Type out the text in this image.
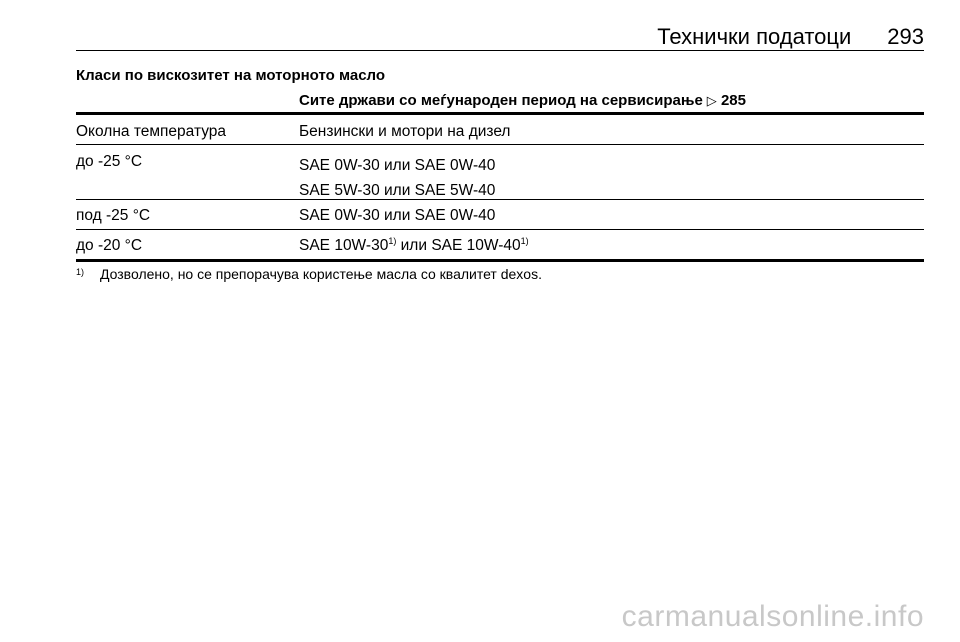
Технички податоци 293
Класи по вискозитет на моторното масло
Сите држави со меѓународен период на сервисирање ▷ 285
Околна температура	Бензински и мотори на дизел
до -25 °C	SAE 0W-30 или SAE 0W-40
SAE 5W-30 или SAE 5W-40
под -25 °C	SAE 0W-30 или SAE 0W-40
до -20 °C	SAE 10W-30$^{1)}$ или SAE 10W-40$^{1)}$
1)	Дозволено, но се препорачува користење масла со квалитет dexos.
carmanualsonline.info
